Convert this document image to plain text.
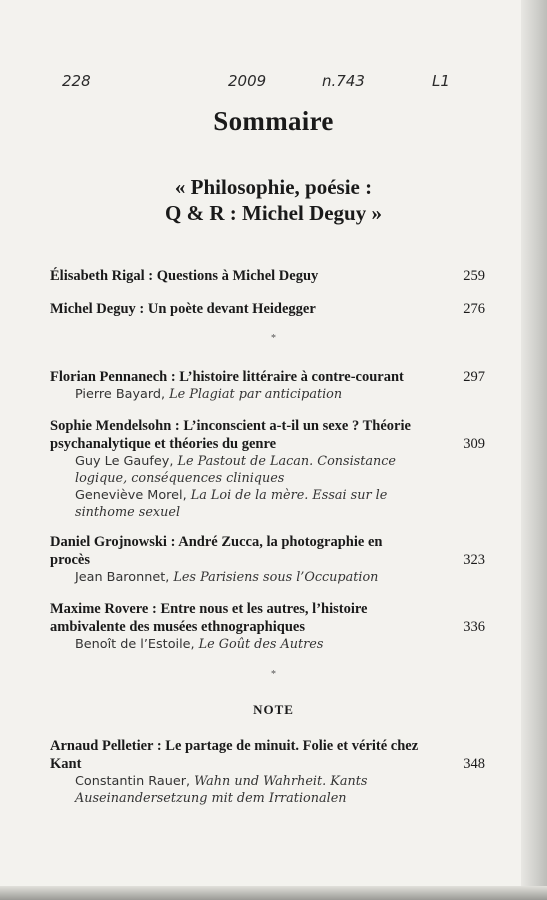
228	2009	n.743	L1
Sommaire
« Philosophie, poésie :
Q & R : Michel Deguy »
Élisabeth Rigal : Questions à Michel Deguy	259
Michel Deguy : Un poète devant Heidegger	276
*
Florian Pennanech : L’histoire littéraire à contre-courant	297
Pierre Bayard, Le Plagiat par anticipation
Sophie Mendelsohn : L’inconscient a-t-il un sexe ? Théorie
psychanalytique et théories du genre	309
Guy Le Gaufey, Le Pastout de Lacan. Consistance logique, conséquences cliniques
Geneviève Morel, La Loi de la mère. Essai sur le sinthome sexuel
Daniel Grojnowski : André Zucca, la photographie en
procès	323
Jean Baronnet, Les Parisiens sous l’Occupation
Maxime Rovere : Entre nous et les autres, l’histoire
ambivalente des musées ethnographiques	336
Benoît de l’Estoile, Le Goût des Autres
*
NOTE
Arnaud Pelletier : Le partage de minuit. Folie et vérité chez
Kant	348
Constantin Rauer, Wahn und Wahrheit. Kants Auseinandersetzung mit dem Irrationalen
